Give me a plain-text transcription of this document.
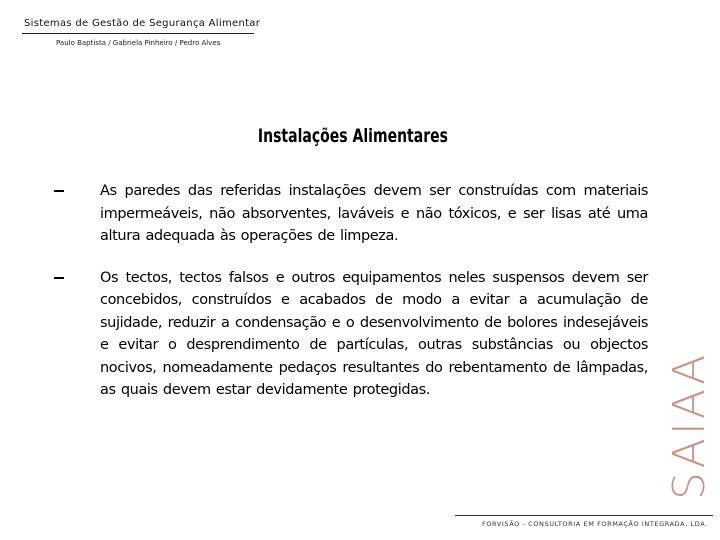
Sistemas de Gestão de Segurança Alimentar
Paulo Baptista / Gabriela Pinheiro / Pedro Alves
Instalações Alimentares
As paredes das referidas instalações devem ser construídas com materiais impermeáveis, não absorventes, laváveis e não tóxicos, e ser lisas até uma altura adequada às operações de limpeza.
Os tectos, tectos falsos e outros equipamentos neles suspensos devem ser concebidos, construídos e acabados de modo a evitar a acumulação de sujidade, reduzir a condensação e o desenvolvimento de bolores indesejáveis e evitar o desprendimento de partículas, outras substâncias ou objectos nocivos, nomeadamente pedaços resultantes do rebentamento de lâmpadas, as quais devem estar devidamente protegidas.	SAIAA
FORVISÃO - CONSULTORIA EM FORMAÇÃO INTEGRADA, LDA.
